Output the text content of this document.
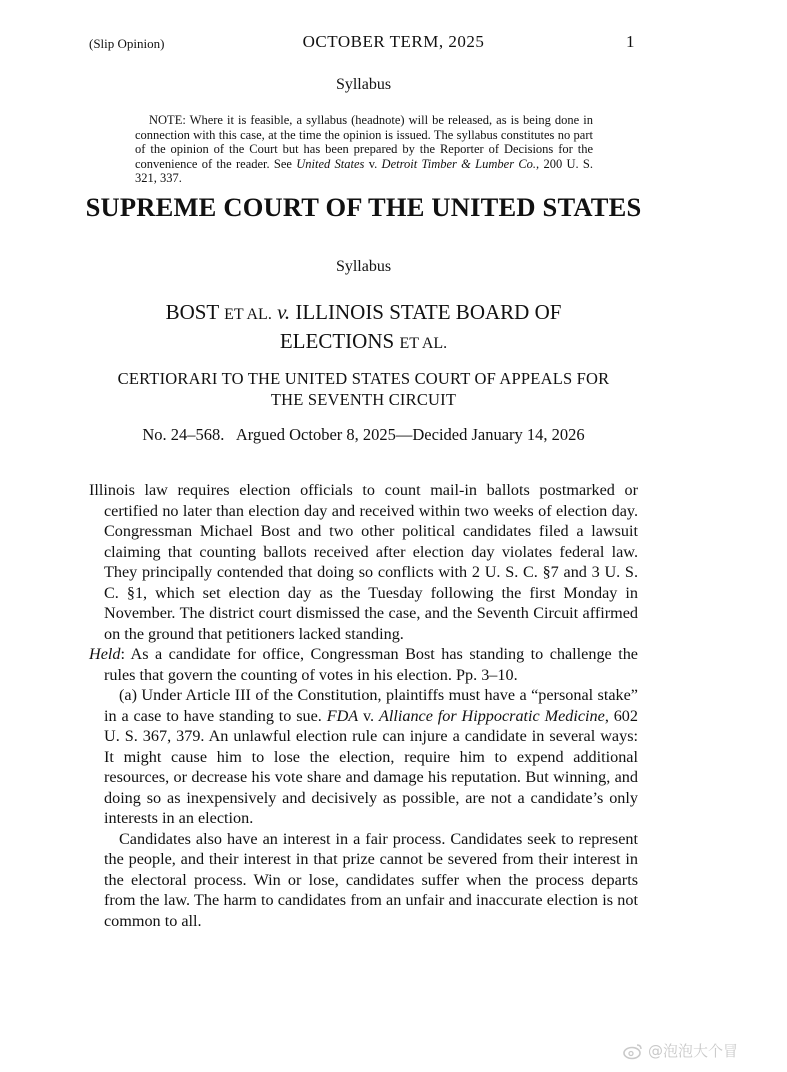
(Slip Opinion)	OCTOBER TERM, 2025	1
Syllabus
NOTE: Where it is feasible, a syllabus (headnote) will be released, as is being done in connection with this case, at the time the opinion is issued. The syllabus constitutes no part of the opinion of the Court but has been prepared by the Reporter of Decisions for the convenience of the reader. See United States v. Detroit Timber & Lumber Co., 200 U. S. 321, 337.
SUPREME COURT OF THE UNITED STATES
Syllabus
BOST ET AL. v. ILLINOIS STATE BOARD OF
ELECTIONS ET AL.
CERTIORARI TO THE UNITED STATES COURT OF APPEALS FOR
THE SEVENTH CIRCUIT
No. 24–568.   Argued October 8, 2025—Decided January 14, 2026

Illinois law requires election officials to count mail-in ballots postmarked or certified no later than election day and received within two weeks of election day. Congressman Michael Bost and two other political candidates filed a lawsuit claiming that counting ballots received after election day violates federal law. They principally contended that doing so conflicts with 2 U. S. C. §7 and 3 U. S. C. §1, which set election day as the Tuesday following the first Monday in November. The district court dismissed the case, and the Seventh Circuit affirmed on the ground that petitioners lacked standing.

Held: As a candidate for office, Congressman Bost has standing to challenge the rules that govern the counting of votes in his election. Pp. 3–10.

(a) Under Article III of the Constitution, plaintiffs must have a “personal stake” in a case to have standing to sue. FDA v. Alliance for Hippocratic Medicine, 602 U. S. 367, 379. An unlawful election rule can injure a candidate in several ways: It might cause him to lose the election, require him to expend additional resources, or decrease his vote share and damage his reputation. But winning, and doing so as inexpensively and decisively as possible, are not a candidate’s only interests in an election.

Candidates also have an interest in a fair process. Candidates seek to represent the people, and their interest in that prize cannot be severed from their interest in the electoral process. Win or lose, candidates suffer when the process departs from the law. The harm to candidates from an unfair and inaccurate election is not common to all.

@泡泡大个冒
